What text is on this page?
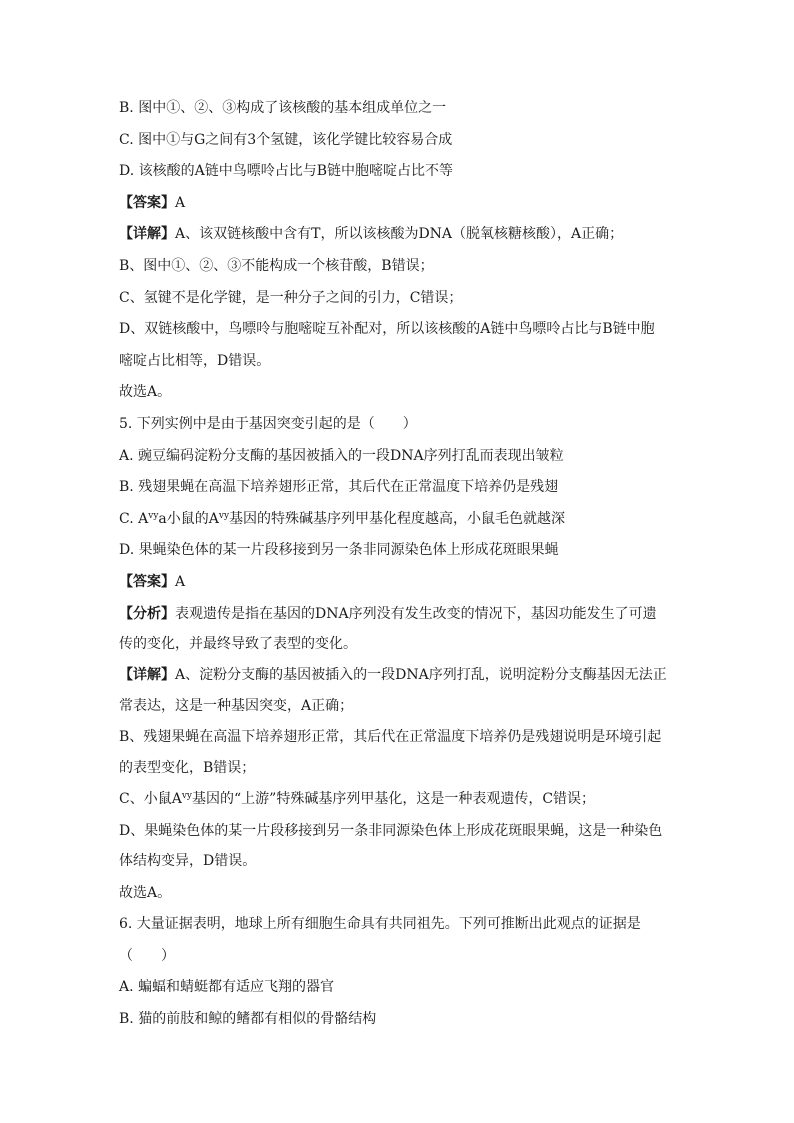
B. 图中①、②、③构成了该核酸的基本组成单位之一
C. 图中①与G之间有3个氢键，该化学键比较容易合成
D. 该核酸的A链中鸟嘌呤占比与B链中胞嘧啶占比不等
【答案】A
【详解】A、该双链核酸中含有T，所以该核酸为DNA（脱氧核糖核酸），A正确；
B、图中①、②、③不能构成一个核苷酸，B错误；
C、氢键不是化学键，是一种分子之间的引力，C错误；
D、双链核酸中，鸟嘌呤与胞嘧啶互补配对，所以该核酸的A链中鸟嘌呤占比与B链中胞
嘧啶占比相等，D错误。
故选A。
5. 下列实例中是由于基因突变引起的是（　　）
A. 豌豆编码淀粉分支酶的基因被插入的一段DNA序列打乱而表现出皱粒
B. 残翅果蝇在高温下培养翅形正常，其后代在正常温度下培养仍是残翅
C. $A^{vy}a$小鼠的$A^{vy}$基因的特殊碱基序列甲基化程度越高，小鼠毛色就越深
D. 果蝇染色体的某一片段移接到另一条非同源染色体上形成花斑眼果蝇
【答案】A
【分析】表观遗传是指在基因的DNA序列没有发生改变的情况下，基因功能发生了可遗
传的变化，并最终导致了表型的变化。
【详解】A、淀粉分支酶的基因被插入的一段DNA序列打乱，说明淀粉分支酶基因无法正
常表达，这是一种基因突变，A正确；
B、残翅果蝇在高温下培养翅形正常，其后代在正常温度下培养仍是残翅说明是环境引起
的表型变化，B错误；
C、小鼠$A^{vy}$基因的“上游”特殊碱基序列甲基化，这是一种表观遗传，C错误；
D、果蝇染色体的某一片段移接到另一条非同源染色体上形成花斑眼果蝇，这是一种染色
体结构变异，D错误。
故选A。
6. 大量证据表明，地球上所有细胞生命具有共同祖先。下列可推断出此观点的证据是
（　　）
A. 蝙蝠和蜻蜓都有适应飞翔的器官
B. 猫的前肢和鲸的鳍都有相似的骨骼结构
